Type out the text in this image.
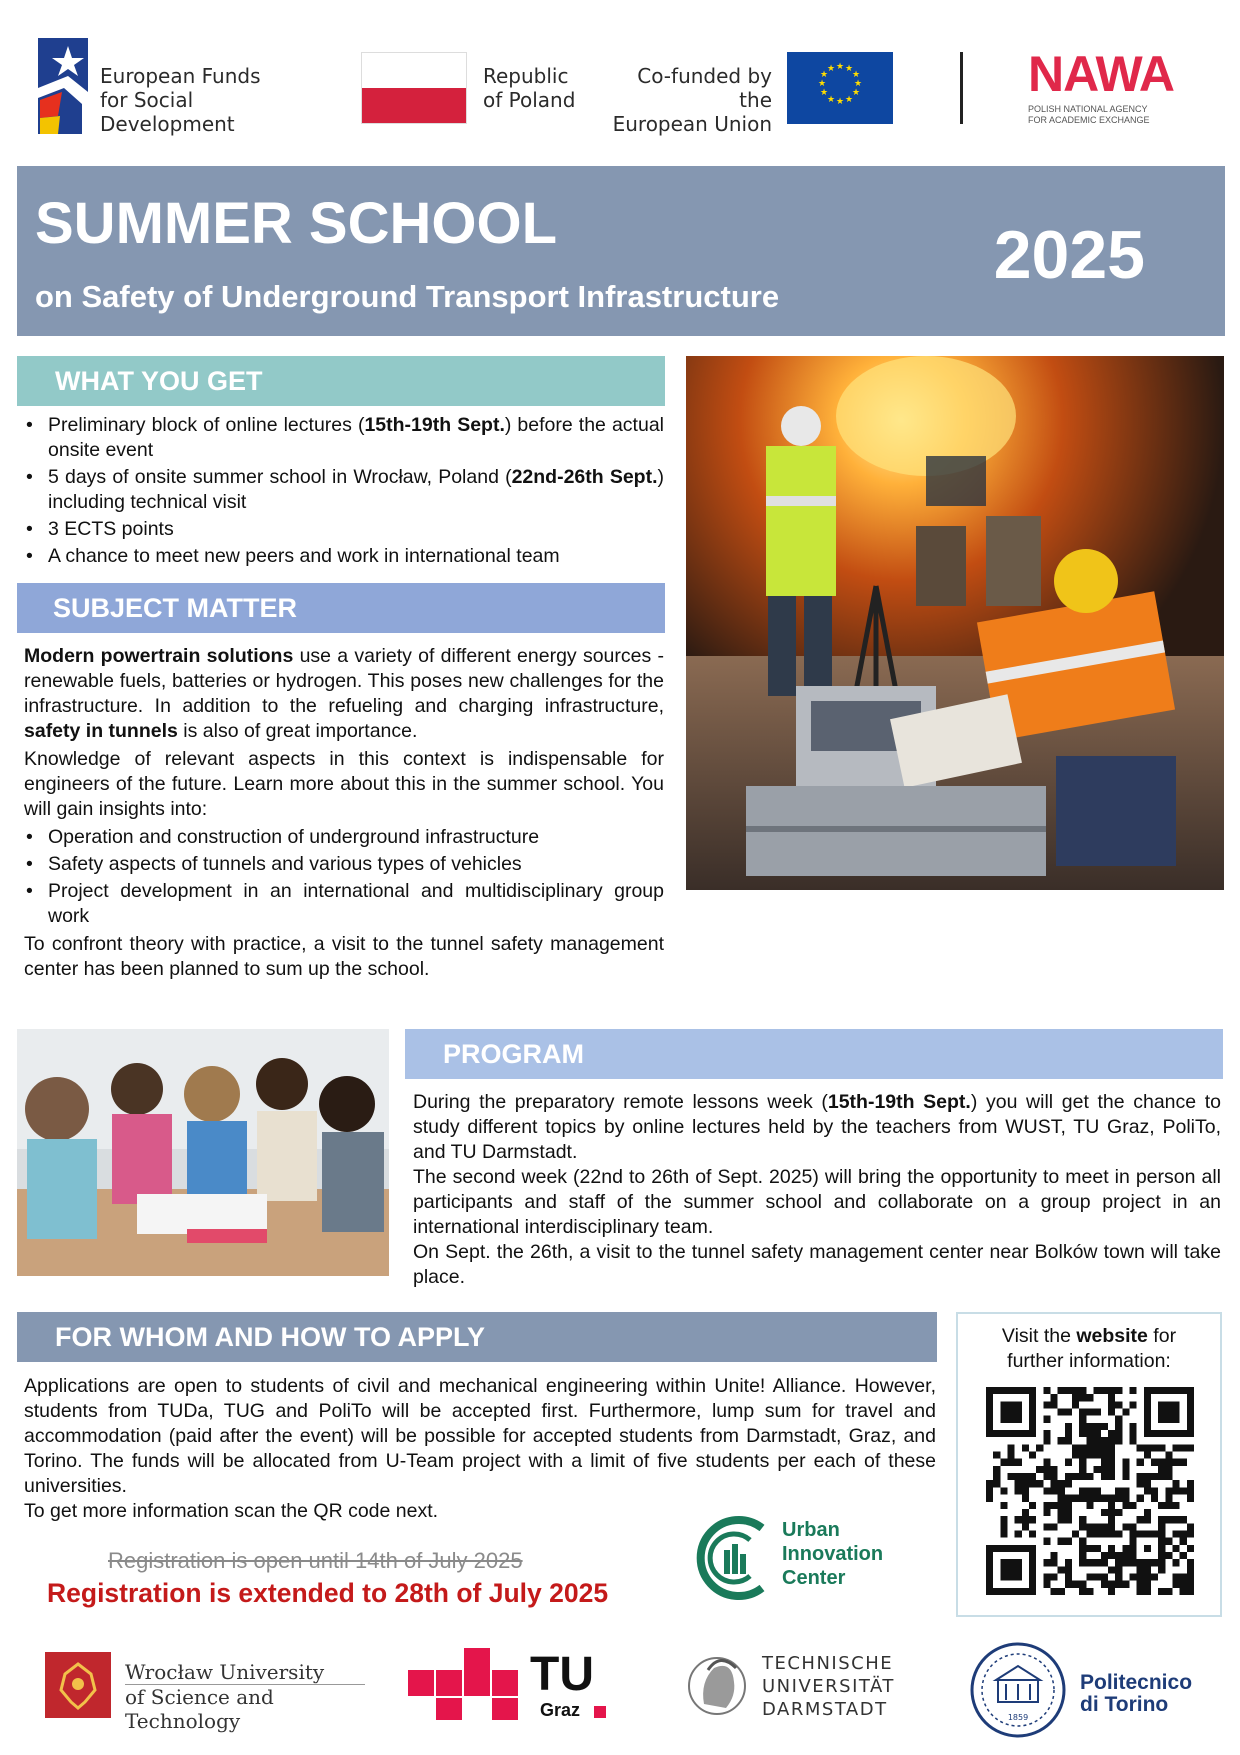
European Funds
for Social Development
Republic
of Poland
Co-funded by the
European Union
★ ★
★
★
★
★
★
★
★
★
★
★	NAWA
POLISH NATIONAL AGENCY
FOR ACADEMIC EXCHANGE
SUMMER SCHOOL
on Safety of Underground Transport Infrastructure
2025
WHAT YOU GET
• Preliminary block of online lectures (15th-19th Sept.) before the actual onsite event
• 5 days of onsite summer school in Wrocław, Poland (22nd-26th Sept.) including technical visit
• 3 ECTS points
• A chance to meet new peers and work in international team
SUBJECT MATTER

Modern powertrain solutions use a variety of different energy sources - renewable fuels, batteries or hydrogen. This poses new challenges for the infrastructure. In addition to the refueling and charging infrastructure, safety in tunnels is also of great importance.

Knowledge of relevant aspects in this context is indispensable for engineers of the future. Learn more about this in the summer school. You will gain insights into:

• Operation and construction of underground infrastructure
• Safety aspects of tunnels and various types of vehicles
• Project development in an international and multidisciplinary group work

To confront theory with practice, a visit to the tunnel safety management center has been planned to sum up the school.

PROGRAM

During the preparatory remote lessons week (15th-19th Sept.) you will get the chance to study different topics by online lectures held by the teachers from WUST, TU Graz, PoliTo, and TU Darmstadt.

The second week (22nd to 26th of Sept. 2025) will bring the opportunity to meet in person all participants and staff of the summer school and collaborate on a group project in an international interdisciplinary team.

On Sept. the 26th, a visit to the tunnel safety management center near Bolków town will take place.

FOR WHOM AND HOW TO APPLY

Applications are open to students of civil and mechanical engineering within Unite! Alliance. However, students from TUDa, TUG and PoliTo will be accepted first. Furthermore, lump sum for travel and accommodation (paid after the event) will be possible for accepted students from Darmstadt, Graz, and Torino. The funds will be allocated from U-Team project with a limit of five students per each of these universities.

To get more information scan the QR code next.

Registration is open until 14th of July 2025
Registration is extended to 28th of July 2025
Urban
Innovation
Center
Visit the website for
further information:
Wrocław University
of Science and Technology
TU
Graz
TECHNISCHE
UNIVERSITÄT
DARMSTADT	1859
Politecnico
di Torino
